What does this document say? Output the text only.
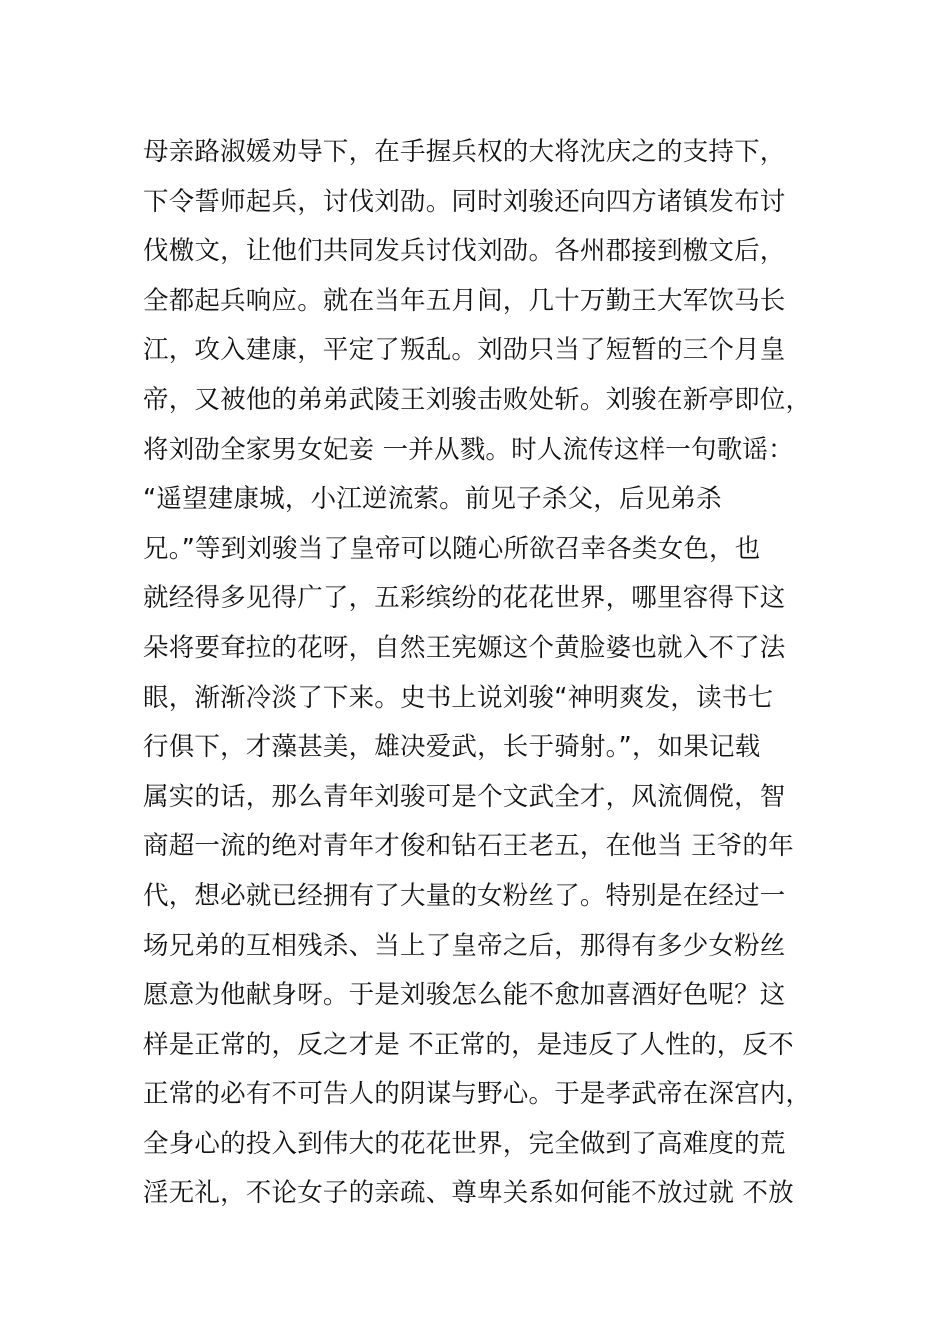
母亲路淑媛劝导下，在手握兵权的大将沈庆之的支持下，
下令誓师起兵，讨伐刘劭。同时刘骏还向四方诸镇发布讨
伐檄文，让他们共同发兵讨伐刘劭。各州郡接到檄文后，
全都起兵响应。就在当年五月间，几十万勤王大军饮马长
江，攻入建康，平定了叛乱。刘劭只当了短暂的三个月皇
帝，又被他的弟弟武陵王刘骏击败处斩。刘骏在新亭即位，
将刘劭全家男女妃妾 一并从戮。时人流传这样一句歌谣：
“遥望建康城，小江逆流萦。前见子杀父，后见弟杀
兄。”等到刘骏当了皇帝可以随心所欲召幸各类女色，也
就经得多见得广了，五彩缤纷的花花世界，哪里容得下这
朵将要耷拉的花呀，自然王宪嫄这个黄脸婆也就入不了法
眼，渐渐冷淡了下来。史书上说刘骏“神明爽发，读书七
行俱下，才藻甚美，雄决爱武，长于骑射。”，如果记载
属实的话，那么青年刘骏可是个文武全才，风流倜傥，智
商超一流的绝对青年才俊和钻石王老五，在他当 王爷的年
代，想必就已经拥有了大量的女粉丝了。特别是在经过一
场兄弟的互相残杀、当上了皇帝之后，那得有多少女粉丝
愿意为他献身呀。于是刘骏怎么能不愈加喜酒好色呢？这
样是正常的，反之才是 不正常的，是违反了人性的，反不
正常的必有不可告人的阴谋与野心。于是孝武帝在深宫内，
全身心的投入到伟大的花花世界，完全做到了高难度的荒
淫无礼，不论女子的亲疏、尊卑关系如何能不放过就 不放
